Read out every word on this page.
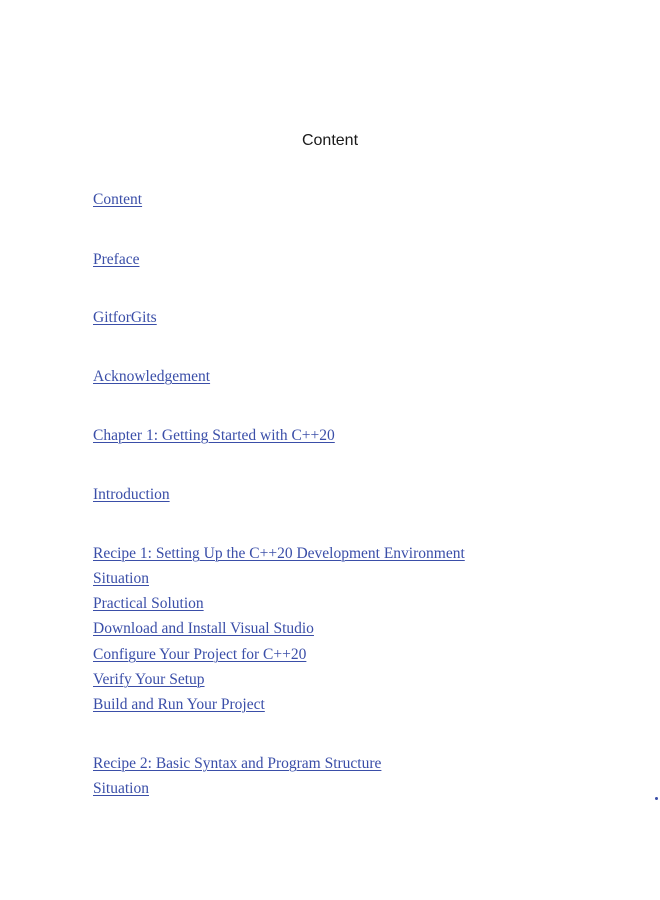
Content
Content
Preface
GitforGits
Acknowledgement
Chapter 1: Getting Started with C++20
Introduction
Recipe 1: Setting Up the C++20 Development Environment
Situation
Practical Solution
Download and Install Visual Studio
Configure Your Project for C++20
Verify Your Setup
Build and Run Your Project
Recipe 2: Basic Syntax and Program Structure
Situation
